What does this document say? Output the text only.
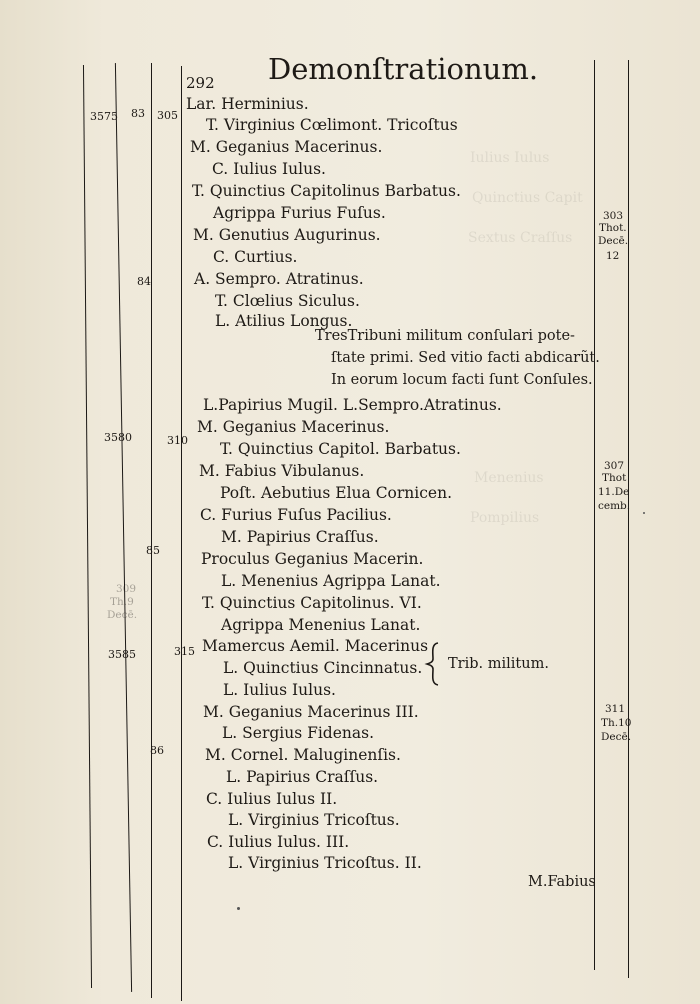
292 Demonſtrationum.
3575
3580
3585
83
84
85
86
305
310
315
309
Th.9
Decē.
Iulius Iulus
Quinctius Capit
Sextus Craſſus
Menenius
Pompilius
Lar. Herminius.
T. Virginius Cœlimont. Tricoſtus
M. Geganius Macerinus.
C. Iulius Iulus.
T. Quinctius Capitolinus Barbatus.
Agrippa Furius Fuſus.
M. Genutius Augurinus.
C. Curtius.
A. Sempro. Atratinus.
T. Clœlius Siculus.
L. Atilius Longus.
TresTribuni militum conſulari pote-
ſtate primi. Sed vitio facti abdicarũt.
In eorum locum facti ſunt Conſules.
L.Papirius Mugil. L.Sempro.Atratinus.
M. Geganius Macerinus.
T. Quinctius Capitol. Barbatus.
M. Fabius Vibulanus.
Poſt. Aebutius Elua Cornicen.
C. Furius Fuſus Pacilius.
M. Papirius Craſſus.
Proculus Geganius Macerin.
L. Menenius Agrippa Lanat.
T. Quinctius Capitolinus. VI.
Agrippa Menenius Lanat.
Mamercus Aemil. Macerinus
L. Quinctius Cincinnatus.
L. Iulius Iulus.
Trib. militum.
M. Geganius Macerinus III.
L. Sergius Fidenas.
M. Cornel. Maluginenſis.
L. Papirius Craſſus.
C. Iulius Iulus II.
L. Virginius Tricoſtus.
C. Iulius Iulus. III.
L. Virginius Tricoſtus. II.
M.Fabius
303
Thot.
Decē.
12
307
Thot
11.De
cemb.
311
Th.10
Decē.
